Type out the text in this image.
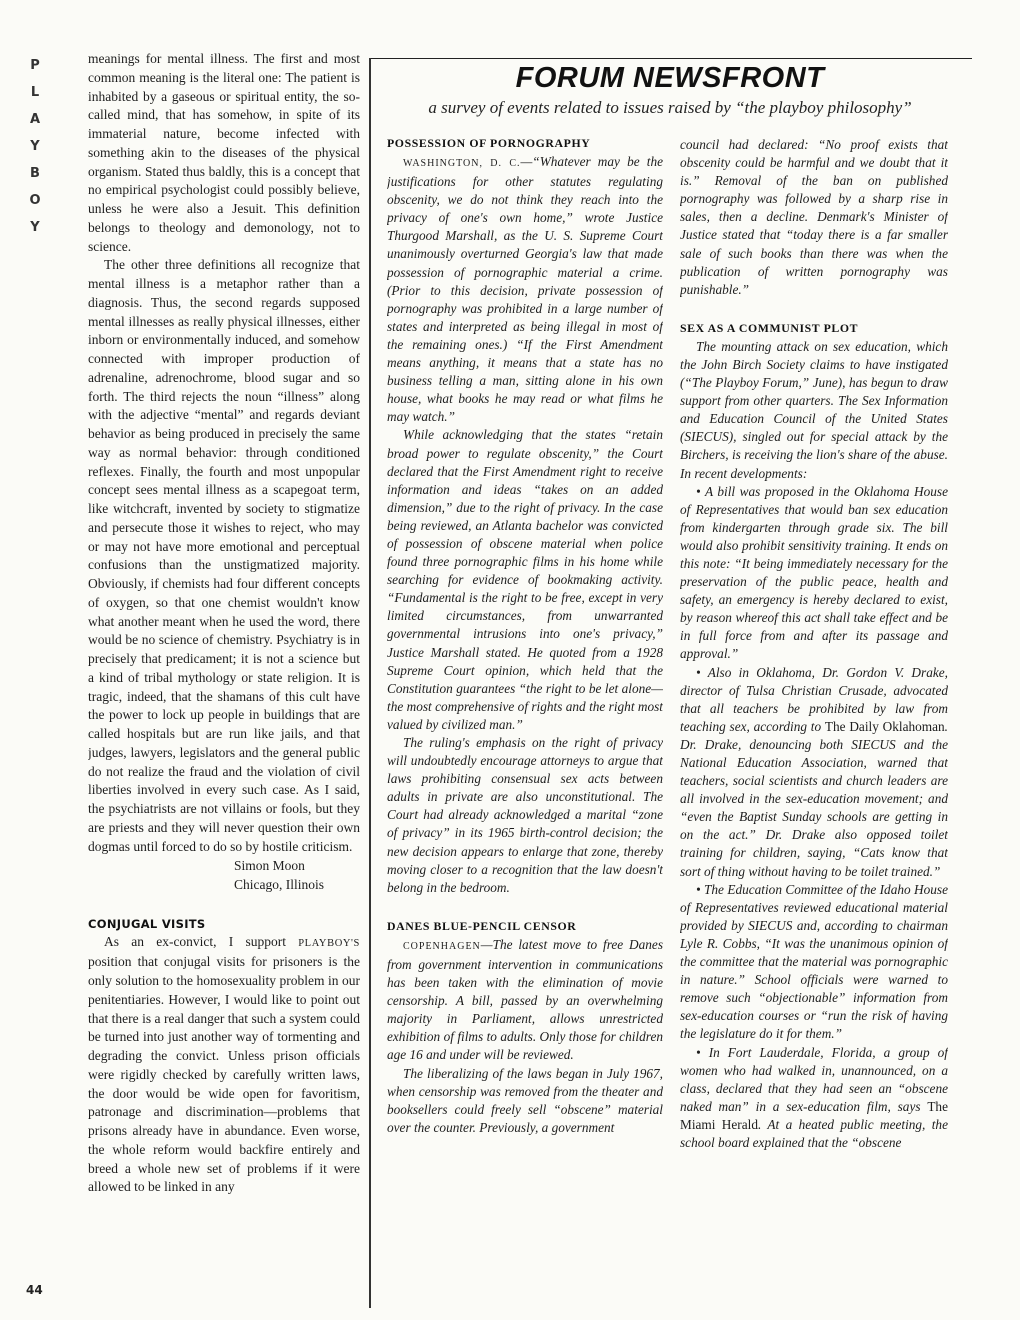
P
L
A
Y
B
O
Y
44

meanings for mental illness. The first and most common meaning is the literal one: The patient is inhabited by a gaseous or spiritual entity, the so-called mind, that has somehow, in spite of its immaterial nature, become infected with something akin to the diseases of the physical organism. Stated thus baldly, this is a concept that no empirical psychologist could possibly believe, unless he were also a Jesuit. This definition belongs to theology and demonology, not to science.

The other three definitions all recognize that mental illness is a metaphor rather than a diagnosis. Thus, the second regards supposed mental illnesses as really physical illnesses, either inborn or environmentally induced, and somehow connected with improper production of adrenaline, adrenochrome, blood sugar and so forth. The third rejects the noun “illness” along with the adjective “mental” and regards deviant behavior as being produced in precisely the same way as normal behavior: through conditioned reflexes. Finally, the fourth and most unpopular concept sees mental illness as a scapegoat term, like witchcraft, invented by society to stigmatize and persecute those it wishes to reject, who may or may not have more emotional and perceptual confusions than the unstigmatized majority. Obviously, if chemists had four different concepts of oxygen, so that one chemist wouldn't know what another meant when he used the word, there would be no science of chemistry. Psychiatry is in precisely that predicament; it is not a science but a kind of tribal mythology or state religion. It is tragic, indeed, that the shamans of this cult have the power to lock up people in buildings that are called hospitals but are run like jails, and that judges, lawyers, legislators and the general public do not realize the fraud and the violation of civil liberties involved in every such case. As I said, the psychiatrists are not villains or fools, but they are priests and they will never question their own dogmas until forced to do so by hostile criticism.

Simon Moon
Chicago, Illinois
CONJUGAL VISITS

As an ex-convict, I support PLAYBOY'S position that conjugal visits for prisoners is the only solution to the homosexuality problem in our penitentiaries. However, I would like to point out that there is a real danger that such a system could be turned into just another way of tormenting and degrading the convict. Unless prison officials were rigidly checked by carefully written laws, the door would be wide open for favoritism, patronage and discrimination—problems that prisons already have in abundance. Even worse, the whole reform would backfire entirely and breed a whole new set of problems if it were allowed to be linked in any

FORUM NEWSFRONT
a survey of events related to issues raised by “the playboy philosophy”
POSSESSION OF PORNOGRAPHY

WASHINGTON, D. C.—“Whatever may be the justifications for other statutes regulating obscenity, we do not think they reach into the privacy of one's own home,” wrote Justice Thurgood Marshall, as the U. S. Supreme Court unanimously overturned Georgia's law that made possession of pornographic material a crime. (Prior to this decision, private possession of pornography was prohibited in a large number of states and interpreted as being illegal in most of the remaining ones.) “If the First Amendment means anything, it means that a state has no business telling a man, sitting alone in his own house, what books he may read or what films he may watch.”

While acknowledging that the states “retain broad power to regulate obscenity,” the Court declared that the First Amendment right to receive information and ideas “takes on an added dimension,” due to the right of privacy. In the case being reviewed, an Atlanta bachelor was convicted of possession of obscene material when police found three pornographic films in his home while searching for evidence of bookmaking activity. “Fundamental is the right to be free, except in very limited circumstances, from unwarranted governmental intrusions into one's privacy,” Justice Marshall stated. He quoted from a 1928 Supreme Court opinion, which held that the Constitution guarantees “the right to be let alone—the most comprehensive of rights and the right most valued by civilized man.”

The ruling's emphasis on the right of privacy will undoubtedly encourage attorneys to argue that laws prohibiting consensual sex acts between adults in private are also unconstitutional. The Court had already acknowledged a marital “zone of privacy” in its 1965 birth-control decision; the new decision appears to enlarge that zone, thereby moving closer to a recognition that the law doesn't belong in the bedroom.

DANES BLUE-PENCIL CENSOR

COPENHAGEN—The latest move to free Danes from government intervention in communications has been taken with the elimination of movie censorship. A bill, passed by an overwhelming majority in Parliament, allows unrestricted exhibition of films to adults. Only those for children age 16 and under will be reviewed.

The liberalizing of the laws began in July 1967, when censorship was removed from the theater and booksellers could freely sell “obscene” material over the counter. Previously, a government

council had declared: “No proof exists that obscenity could be harmful and we doubt that it is.” Removal of the ban on published pornography was followed by a sharp rise in sales, then a decline. Denmark's Minister of Justice stated that “today there is a far smaller sale of such books than there was when the publication of written pornography was punishable.”

SEX AS A COMMUNIST PLOT

The mounting attack on sex education, which the John Birch Society claims to have instigated (“The Playboy Forum,” June), has begun to draw support from other quarters. The Sex Information and Education Council of the United States (SIECUS), singled out for special attack by the Birchers, is receiving the lion's share of the abuse. In recent developments:

• A bill was proposed in the Oklahoma House of Representatives that would ban sex education from kindergarten through grade six. The bill would also prohibit sensitivity training. It ends on this note: “It being immediately necessary for the preservation of the public peace, health and safety, an emergency is hereby declared to exist, by reason whereof this act shall take effect and be in full force from and after its passage and approval.”

• Also in Oklahoma, Dr. Gordon V. Drake, director of Tulsa Christian Crusade, advocated that all teachers be prohibited by law from teaching sex, according to The Daily Oklahoman. Dr. Drake, denouncing both SIECUS and the National Education Association, warned that teachers, social scientists and church leaders are all involved in the sex-education movement; and “even the Baptist Sunday schools are getting in on the act.” Dr. Drake also opposed toilet training for children, saying, “Cats know that sort of thing without having to be toilet trained.”

• The Education Committee of the Idaho House of Representatives reviewed educational material provided by SIECUS and, according to chairman Lyle R. Cobbs, “It was the unanimous opinion of the committee that the material was pornographic in nature.” School officials were warned to remove such “objectionable” information from sex-education courses or “run the risk of having the legislature do it for them.”

• In Fort Lauderdale, Florida, a group of women who had walked in, unannounced, on a class, declared that they had seen an “obscene naked man” in a sex-education film, says The Miami Herald. At a heated public meeting, the school board explained that the “obscene
